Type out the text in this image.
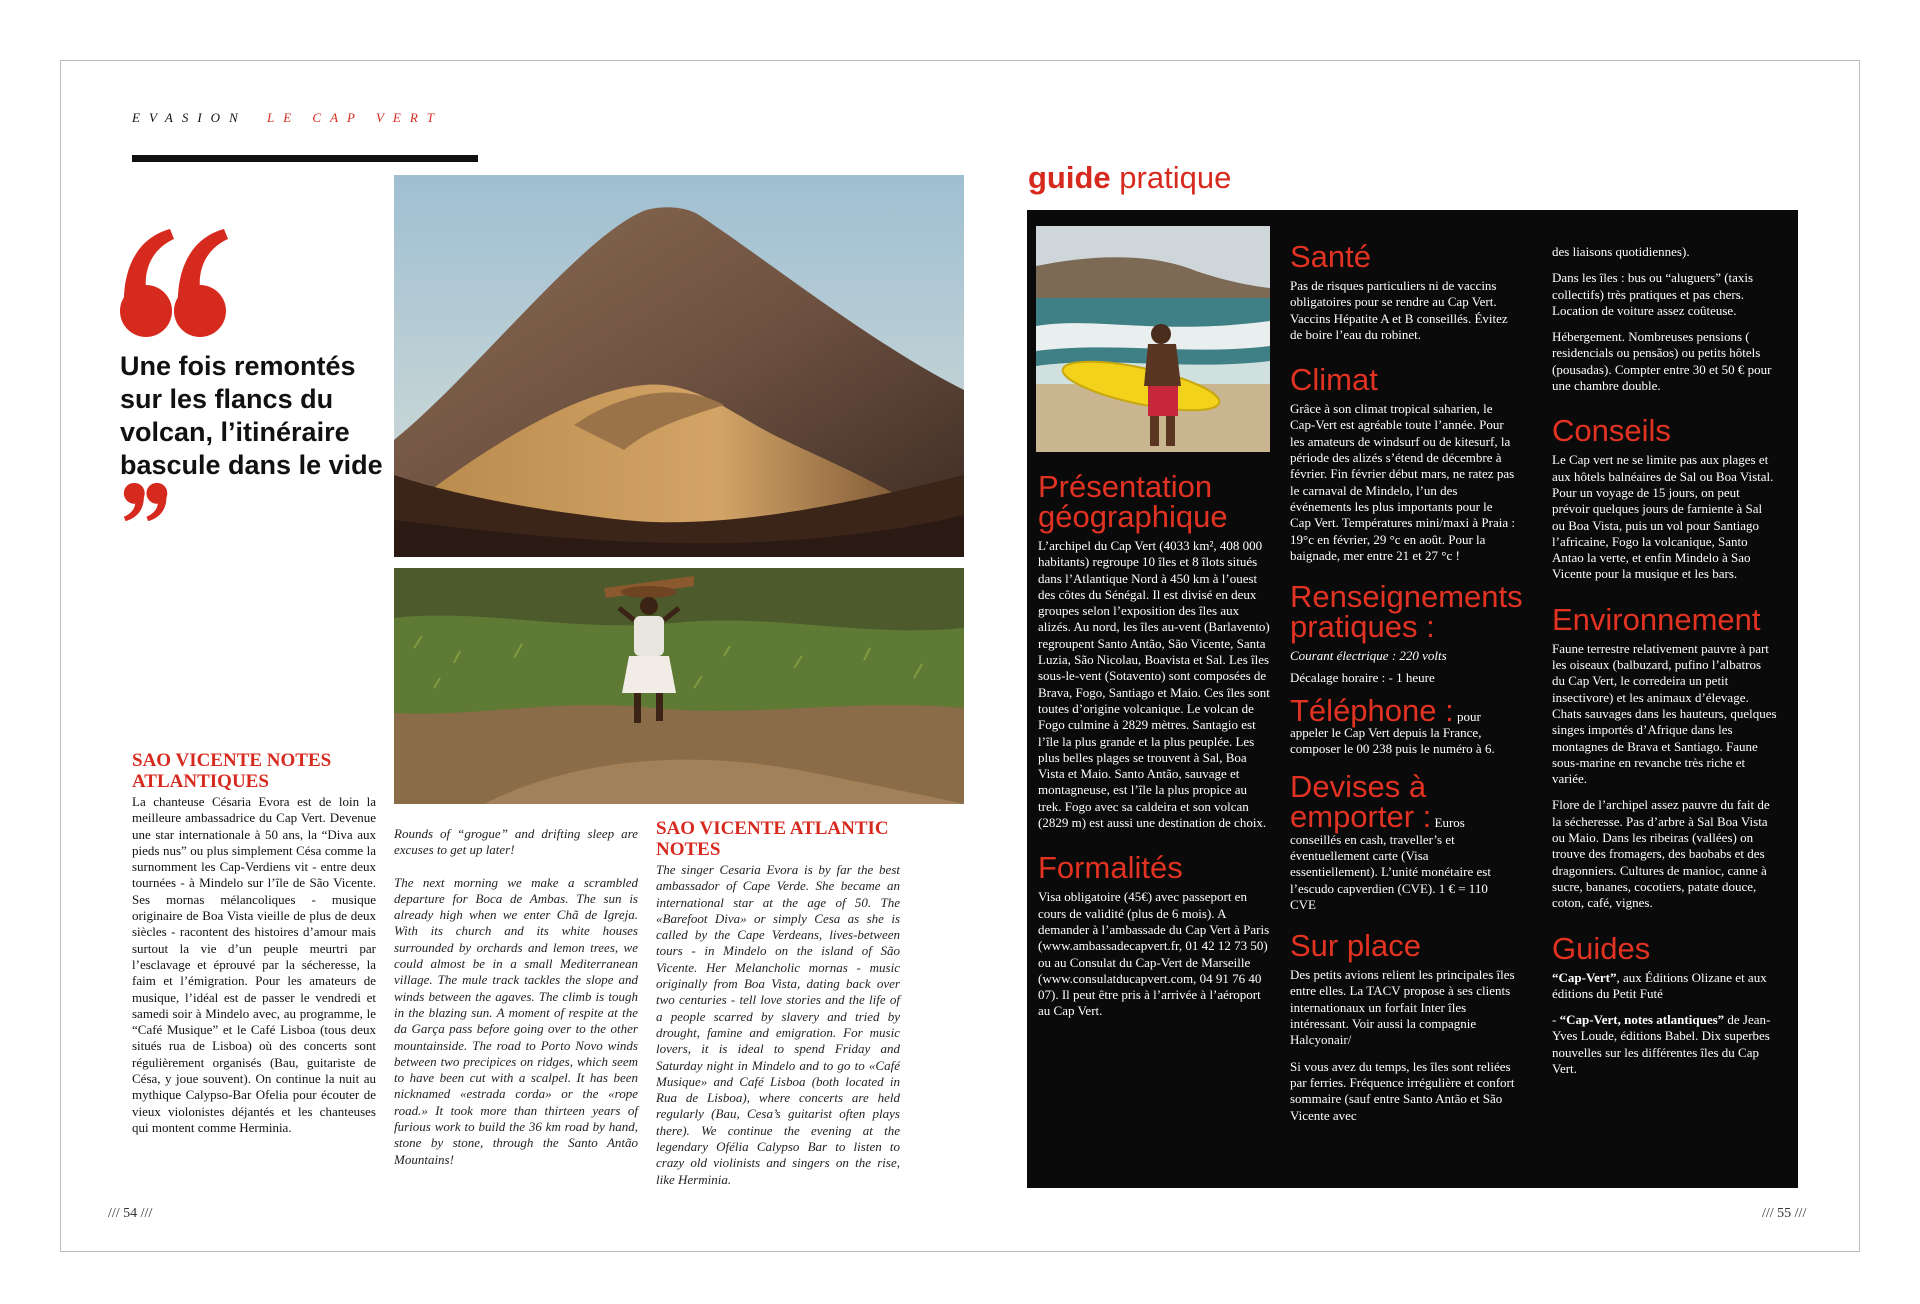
EVASION LE CAP VERT
Une fois remontés sur les flancs du volcan, l’itinéraire bascule dans le vide
SAO VICENTE NOTES ATLANTIQUES
La chanteuse Césaria Evora est de loin la meilleure ambassadrice du Cap Vert. Devenue une star internationale à 50 ans, la “Diva aux pieds nus” ou plus simplement Césa comme la surnomment les Cap-Verdiens vit - entre deux tournées - à Mindelo sur l’île de São Vicente. Ses mornas mélancoliques - musique originaire de Boa Vista vieille de plus de deux siècles - racontent des histoires d’amour mais surtout la vie d’un peuple meurtri par l’esclavage et éprouvé par la sécheresse, la faim et l’émigration. Pour les amateurs de musique, l’idéal est de passer le vendredi et samedi soir à Mindelo avec, au programme, le “Café Musique” et le Café Lisboa (tous deux situés rua de Lisboa) où des concerts sont régulièrement organisés (Bau, guitariste de Césa, y joue souvent). On continue la nuit au mythique Calypso-Bar Ofelia pour écouter de vieux violonistes déjantés et les chanteuses qui montent comme Herminia.

Rounds of “grogue” and drifting sleep are excuses to get up later!

The next morning we make a scrambled departure for Boca de Ambas. The sun is already high when we enter Chã de Igreja. With its church and its white houses surrounded by orchards and lemon trees, we could almost be in a small Mediterranean village. The mule track tackles the slope and winds between the agaves. The climb is tough in the blazing sun. A moment of respite at the da Garça pass before going over to the other mountainside. The road to Porto Novo winds between two precipices on ridges, which seem to have been cut with a scalpel. It has been nicknamed «estrada corda» or the «rope road.» It took more than thirteen years of furious work to build the 36 km road by hand, stone by stone, through the Santo Antão Mountains!

SAO VICENTE ATLANTIC NOTES
The singer Cesaria Evora is by far the best ambassador of Cape Verde. She became an international star at the age of 50. The «Barefoot Diva» or simply Cesa as she is called by the Cape Verdeans, lives-between tours - in Mindelo on the island of São Vicente. Her Melancholic mornas - music originally from Boa Vista, dating back over two centuries - tell love stories and the life of a people scarred by slavery and tried by drought, famine and emigration. For music lovers, it is ideal to spend Friday and Saturday night in Mindelo and to go to «Café Musique» and Café Lisboa (both located in Rua de Lisboa), where concerts are held regularly (Bau, Cesa’s guitarist often plays there). We continue the evening at the legendary Ofélia Calypso Bar to listen to crazy old violinists and singers on the rise, like Herminia.
/// 54 ///
guide pratique
Présentation géographique

L’archipel du Cap Vert (4033 km², 408 000 habitants) regroupe 10 îles et 8 îlots situés dans l’Atlantique Nord à 450 km à l’ouest des côtes du Sénégal. Il est divisé en deux groupes selon l’exposition des îles aux alizés. Au nord, les îles au-vent (Barlavento) regroupent Santo Antão, São Vicente, Santa Luzia, São Nicolau, Boavista et Sal. Les îles sous-le-vent (Sotavento) sont composées de Brava, Fogo, Santiago et Maio. Ces îles sont toutes d’origine volcanique. Le volcan de Fogo culmine à 2829 mètres. Santagio est l’île la plus grande et la plus peuplée. Les plus belles plages se trouvent à Sal, Boa Vista et Maio. Santo Antão, sauvage et montagneuse, est l’île la plus propice au trek. Fogo avec sa caldeira et son volcan (2829 m) est aussi une destination de choix.

Formalités

Visa obligatoire (45€) avec passeport en cours de validité (plus de 6 mois). A demander à l’ambassade du Cap Vert à Paris (www.ambassadecapvert.fr, 01 42 12 73 50) ou au Consulat du Cap-Vert de Marseille (www.consulatducapvert.com, 04 91 76 40 07). Il peut être pris à l’arrivée à l’aéroport au Cap Vert.

Santé

Pas de risques particuliers ni de vaccins obligatoires pour se rendre au Cap Vert. Vaccins Hépatite A et B conseillés. Évitez de boire l’eau du robinet.

Climat

Grâce à son climat tropical saharien, le Cap-Vert est agréable toute l’année. Pour les amateurs de windsurf ou de kitesurf, la période des alizés s’étend de décembre à février. Fin février début mars, ne ratez pas le carnaval de Mindelo, l’un des événements les plus importants pour le Cap Vert. Températures mini/maxi à Praia : 19°c en février, 29 °c en août. Pour la baignade, mer entre 21 et 27 °c !

Renseignements pratiques :

Courant électrique : 220 volts

Décalage horaire : - 1 heure

Téléphone : pour
appeler le Cap Vert depuis la France, composer le 00 238 puis le numéro à 6.

Devises à emporter : Euros conseillés en cash, traveller’s et éventuellement carte (Visa essentiellement). L’unité monétaire est l’escudo capverdien (CVE). 1 € = 110 CVE

Sur place

Des petits avions relient les principales îles entre elles. La TACV propose à ses clients internationaux un forfait Inter îles intéressant. Voir aussi la compagnie Halcyonair/

Si vous avez du temps, les îles sont reliées par ferries. Fréquence irrégulière et confort sommaire (sauf entre Santo Antão et São Vicente avec

des liaisons quotidiennes).

Dans les îles : bus ou “aluguers” (taxis collectifs) très pratiques et pas chers. Location de voiture assez coûteuse.

Hébergement. Nombreuses pensions ( residencials ou pensãos) ou petits hôtels (pousadas). Compter entre 30 et 50 € pour une chambre double.

Conseils

Le Cap vert ne se limite pas aux plages et aux hôtels balnéaires de Sal ou Boa Vistal. Pour un voyage de 15 jours, on peut prévoir quelques jours de farniente à Sal ou Boa Vista, puis un vol pour Santiago l’africaine, Fogo la volcanique, Santo Antao la verte, et enfin Mindelo à Sao Vicente pour la musique et les bars.

Environnement

Faune terrestre relativement pauvre à part les oiseaux (balbuzard, pufino l’albatros du Cap Vert, le corredeira un petit insectivore) et les animaux d’élevage. Chats sauvages dans les hauteurs, quelques singes importés d’Afrique dans les montagnes de Brava et Santiago. Faune sous-marine en revanche très riche et variée.

Flore de l’archipel assez pauvre du fait de la sécheresse. Pas d’arbre à Sal Boa Vista ou Maio. Dans les ribeiras (vallées) on trouve des fromagers, des baobabs et des dragonniers. Cultures de manioc, canne à sucre, bananes, cocotiers, patate douce, coton, café, vignes.

Guides

“Cap-Vert”, aux Éditions Olizane et aux éditions du Petit Futé

- “Cap-Vert, notes atlantiques” de Jean-Yves Loude, éditions Babel. Dix superbes nouvelles sur les différentes îles du Cap Vert.

/// 55 ///
